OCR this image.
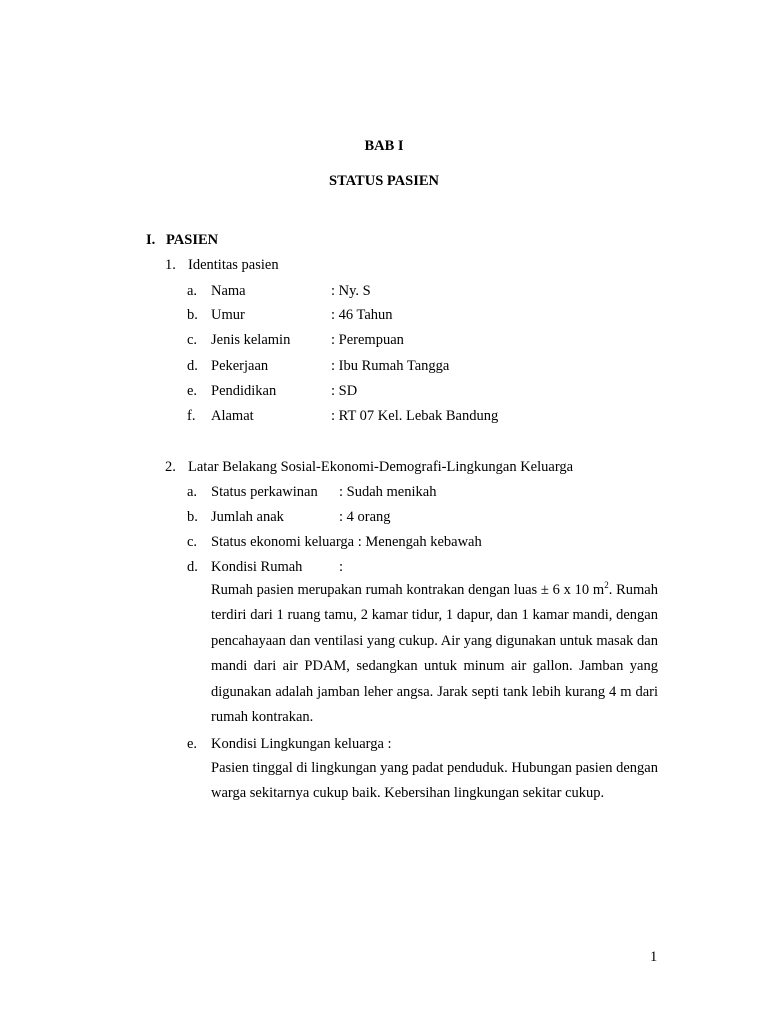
BAB I
STATUS PASIEN
I. PASIEN
1. Identitas pasien
a. Nama	: Ny. S
b. Umur	: 46 Tahun
c. Jenis kelamin	: Perempuan
d. Pekerjaan	: Ibu Rumah Tangga
e. Pendidikan	: SD
f. Alamat	: RT 07 Kel. Lebak Bandung
2. Latar Belakang Sosial-Ekonomi-Demografi-Lingkungan Keluarga
a. Status perkawinan : Sudah menikah
b. Jumlah anak	: 4 orang
c. Status ekonomi keluarga : Menengah kebawah
d. Kondisi Rumah	:
Rumah pasien merupakan rumah kontrakan dengan luas ± 6 x 10 $m^2$. Rumah terdiri dari 1 ruang tamu, 2 kamar tidur, 1 dapur, dan 1 kamar mandi, dengan pencahayaan dan ventilasi yang cukup. Air yang digunakan untuk masak dan mandi dari air PDAM, sedangkan untuk minum air gallon. Jamban yang digunakan adalah jamban leher angsa. Jarak septi tank lebih kurang 4 m dari rumah kontrakan.
e. Kondisi Lingkungan keluarga :
Pasien tinggal di lingkungan yang padat penduduk. Hubungan pasien dengan warga sekitarnya cukup baik. Kebersihan lingkungan sekitar cukup.
1
